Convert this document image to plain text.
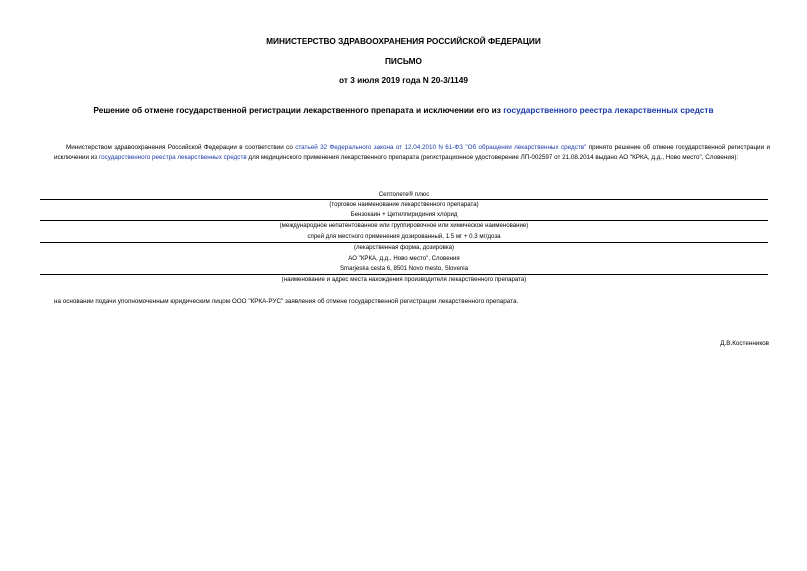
МИНИСТЕРСТВО ЗДРАВООХРАНЕНИЯ РОССИЙСКОЙ ФЕДЕРАЦИИ
ПИСЬМО
от 3 июля 2019 года N 20-3/1149
Решение об отмене государственной регистрации лекарственного препарата и исключении его из государственного реестра лекарственных средств
Министерством здравоохранения Российской Федерации в соответствии со статьей 32 Федерального закона от 12.04.2010 N 61-ФЗ "Об обращении лекарственных средств" принято решение об отмене государственной регистрации и исключении из государственного реестра лекарственных средств для медицинского применения лекарственного препарата (регистрационное удостоверение ЛП-002597 от 21.08.2014 выдано АО "КРКА, д.д., Ново место", Словения):
Септолете® плюс
(торговое наименование лекарственного препарата)
Бензокаин + Цетилпиридиния хлорид
(международное непатентованное или группировочное или химическое наименование)
спрей для местного применения дозированный, 1.5 мг + 0.3 мг/доза
(лекарственная форма, дозировка)
АО "КРКА, д.д., Ново место", Словения
Smarjeska cesta 6, 8501 Novo mesto, Slovenia
(наименование и адрес места нахождения производителя лекарственного препарата)
на основании подачи уполномоченным юридическим лицом ООО "КРКА-РУС" заявления об отмене государственной регистрации лекарственного препарата.
Д.В.Костенников
